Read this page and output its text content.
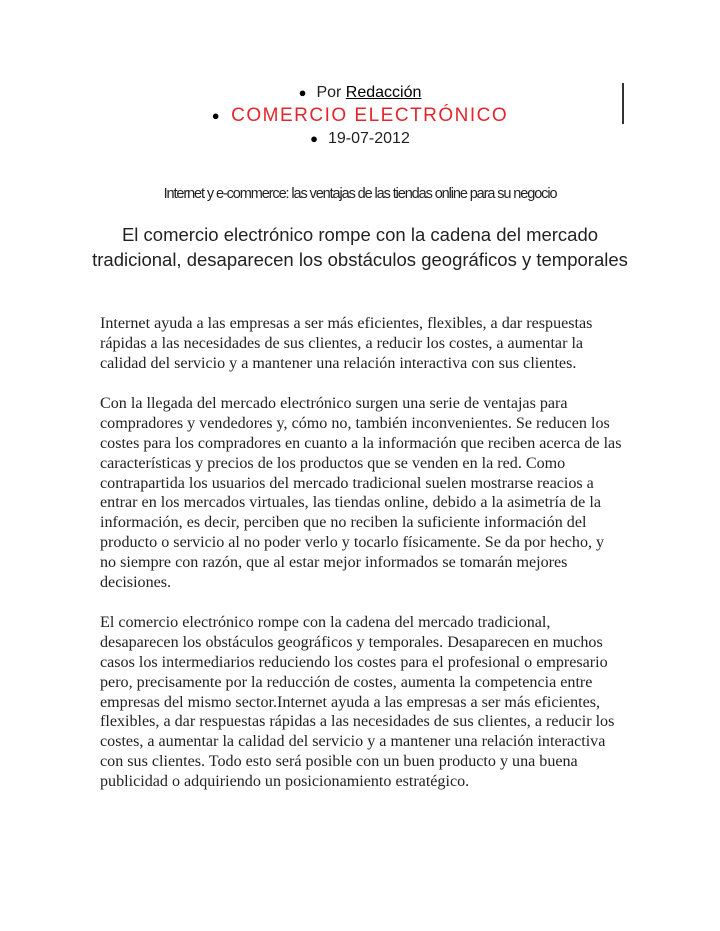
● Por Redacción
● COMERCIO ELECTRÓNICO
● 19-07-2012
Internet y e-commerce: las ventajas de las tiendas online para su negocio
El comercio electrónico rompe con la cadena del mercado tradicional, desaparecen los obstáculos geográficos y temporales

Internet ayuda a las empresas a ser más eficientes, flexibles, a dar respuestas rápidas a las necesidades de sus clientes, a reducir los costes, a aumentar la calidad del servicio y a mantener una relación interactiva con sus clientes.

Con la llegada del mercado electrónico surgen una serie de ventajas para compradores y vendedores y, cómo no, también inconvenientes. Se reducen los costes para los compradores en cuanto a la información que reciben acerca de las características y precios de los productos que se venden en la red. Como contrapartida los usuarios del mercado tradicional suelen mostrarse reacios a entrar en los mercados virtuales, las tiendas online, debido a la asimetría de la información, es decir, perciben que no reciben la suficiente información del producto o servicio al no poder verlo y tocarlo físicamente. Se da por hecho, y no siempre con razón, que al estar mejor informados se tomarán mejores decisiones.

El comercio electrónico rompe con la cadena del mercado tradicional, desaparecen los obstáculos geográficos y temporales. Desaparecen en muchos casos los intermediarios reduciendo los costes para el profesional o empresario pero, precisamente por la reducción de costes, aumenta la competencia entre empresas del mismo sector.Internet ayuda a las empresas a ser más eficientes, flexibles, a dar respuestas rápidas a las necesidades de sus clientes, a reducir los costes, a aumentar la calidad del servicio y a mantener una relación interactiva con sus clientes. Todo esto será posible con un buen producto y una buena publicidad o adquiriendo un posicionamiento estratégico.
